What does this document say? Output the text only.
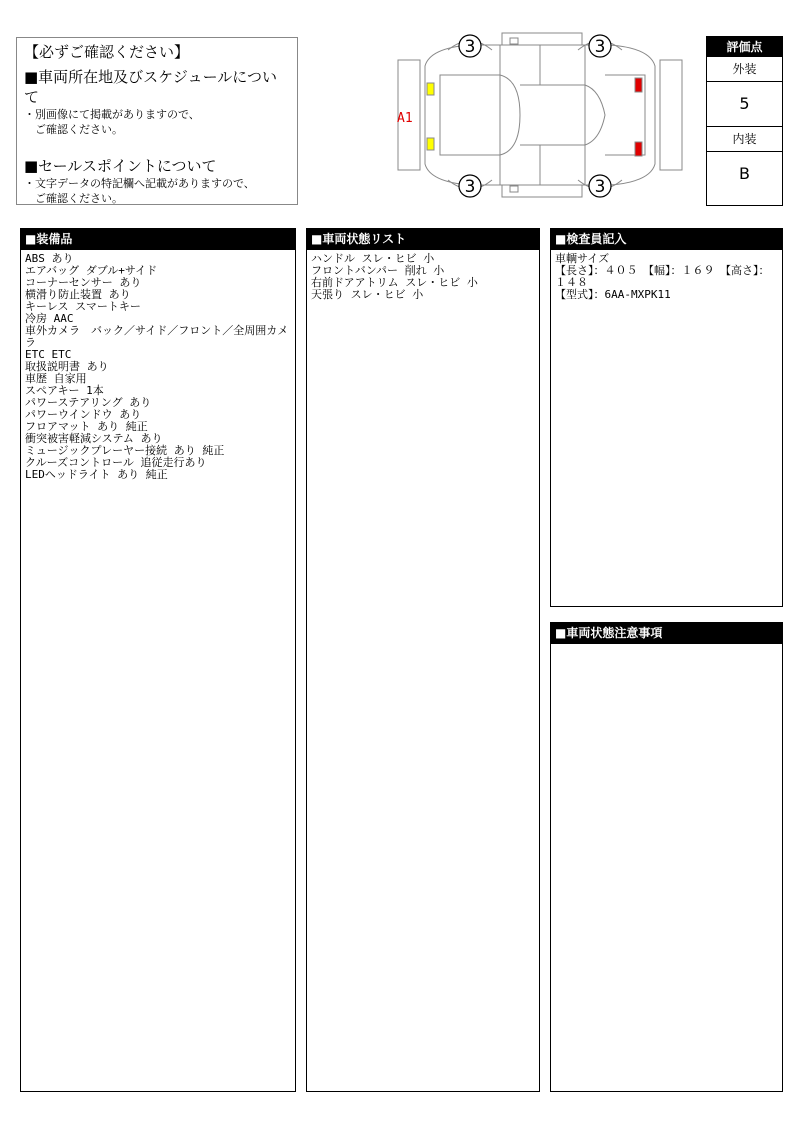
【必ずご確認ください】
■車両所在地及びスケジュールについて
・別画像にて掲載がありますので、
　ご確認ください。
■セールスポイントについて
・文字データの特記欄へ記載がありますので、
　ご確認ください。
3	3
3	3
A1
評価点
外装
5
内装
B
■装備品
ABS あり
エアバッグ ダブル+サイド
コーナーセンサー あり
横滑り防止装置 あり
キーレス スマートキー
冷房 AAC
車外カメラ　バック／サイド／フロント／全周囲カメラ
ETC ETC
取扱説明書 あり
車歴 自家用
スペアキー 1本
パワーステアリング あり
パワーウインドウ あり
フロアマット あり 純正
衝突被害軽減システム あり
ミュージックプレーヤー接続 あり 純正
クルーズコントロール 追従走行あり
LEDヘッドライト あり 純正
■車両状態リスト
ハンドル スレ・ヒビ 小
フロントバンパー 削れ 小
右前ドアアトリム スレ・ヒビ 小
天張り スレ・ヒビ 小
■検査員記入
車輌サイズ
【長さ】：４０５　【幅】：１６９　【高さ】：１４８
【型式】：6AA-MXPK11
■車両状態注意事項
